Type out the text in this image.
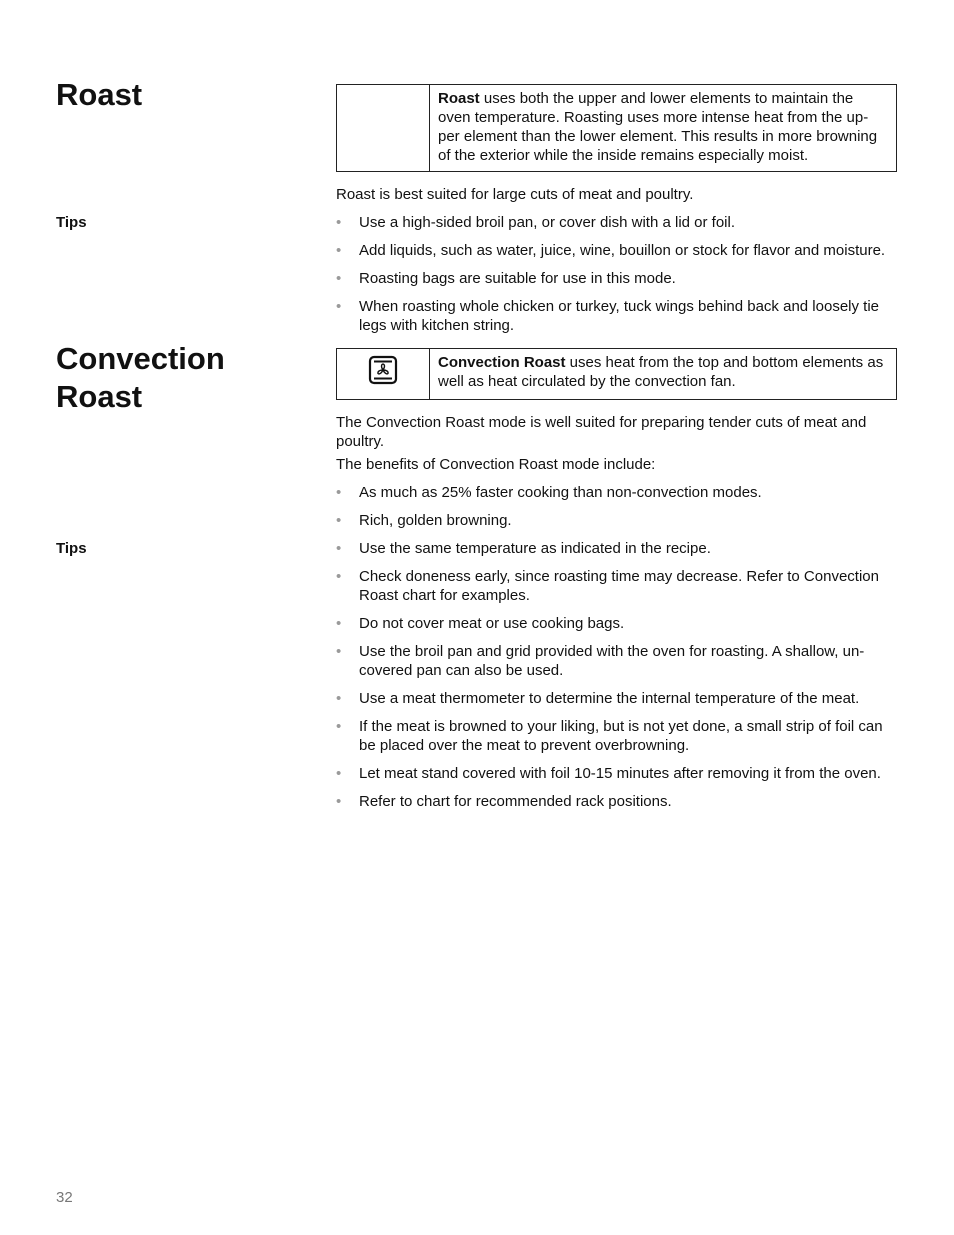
Roast	Roast uses both the upper and lower elements to maintain the oven temperature. Roasting uses more intense heat from the up-per element than the lower element. This results in more browning of the exterior while the inside remains especially moist.

Roast is best suited for large cuts of meat and poultry.

Tips	• Use a high-sided broil pan, or cover dish with a lid or foil.
• Add liquids, such as water, juice, wine, bouillon or stock for flavor and moisture.
• Roasting bags are suitable for use in this mode.
• When roasting whole chicken or turkey, tuck wings behind back and loosely tie legs with kitchen string.
Convection
Roast
Convection Roast uses heat from the top and bottom elements as well as heat circulated by the convection fan.

The Convection Roast mode is well suited for preparing tender cuts of meat and poultry.

The benefits of Convection Roast mode include:

• As much as 25% faster cooking than non-convection modes.
• Rich, golden browning.

Tips	• Use the same temperature as indicated in the recipe.
• Check doneness early, since roasting time may decrease. Refer to Convection Roast chart for examples.
• Do not cover meat or use cooking bags.
• Use the broil pan and grid provided with the oven for roasting. A shallow, un-covered pan can also be used.
• Use a meat thermometer to determine the internal temperature of the meat.
• If the meat is browned to your liking, but is not yet done, a small strip of foil can be placed over the meat to prevent overbrowning.
• Let meat stand covered with foil 10-15 minutes after removing it from the oven.
• Refer to chart for recommended rack positions.

32
